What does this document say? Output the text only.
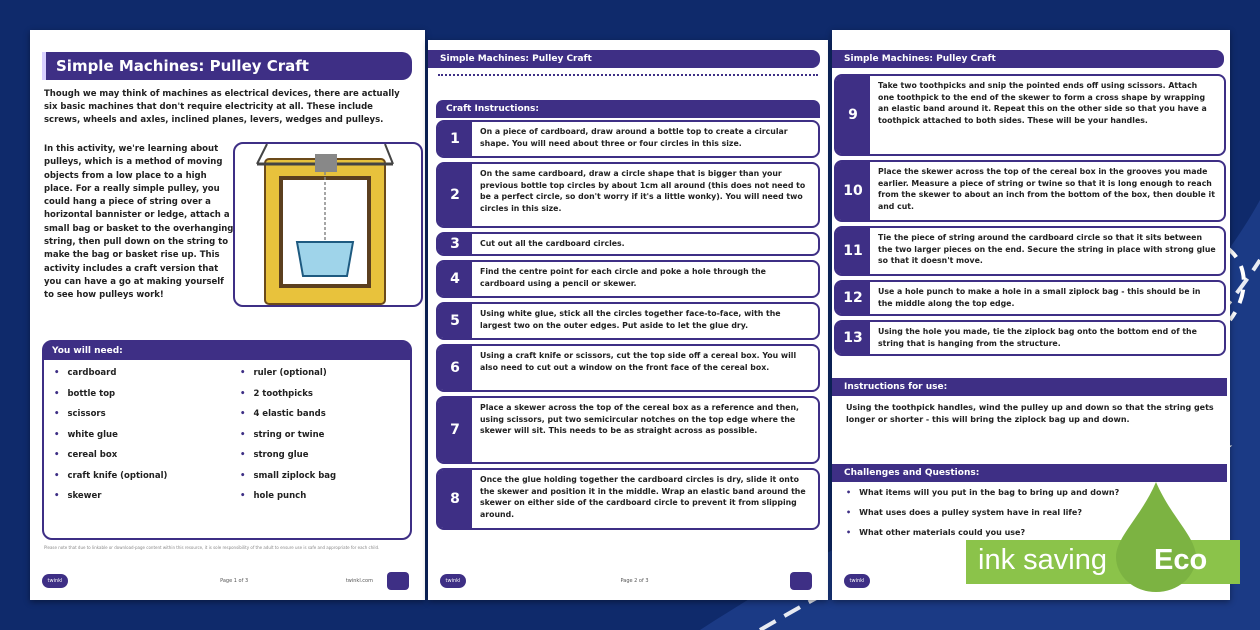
Simple Machines: Pulley Craft

Though we may think of machines as electrical devices, there are actually six basic machines that don't require electricity at all. These include screws, wheels and axles, inclined planes, levers, wedges and pulleys.

In this activity, we're learning about pulleys, which is a method of moving objects from a low place to a high place. For a really simple pulley, you could hang a piece of string over a horizontal bannister or ledge, attach a small bag or basket to the overhanging string, then pull down on the string to make the bag or basket rise up. This activity includes a craft version that you can have a go at making yourself to see how pulleys work!

You will need:
• cardboard
• bottle top
• scissors
• white glue
• cereal box
• craft knife (optional)
• skewer
• ruler (optional)
• 2 toothpicks
• 4 elastic bands
• string or twine
• strong glue
• small ziplock bag
• hole punch

Please note that due to linkable or download-page content within this resource, it is sole responsibility of the adult to ensure use is safe and appropriate for each child.

twinkl	Page 1 of 3	twinkl.com
Simple Machines: Pulley Craft
Craft Instructions:
1	On a piece of cardboard, draw around a bottle top to create a circular shape. You will need about three or four circles in this size.
2
On the same cardboard, draw a circle shape that is bigger than your previous bottle top circles by about 1cm all around (this does not need to be a perfect circle, so don't worry if it's a little wonky). You will need two circles in this size.
3	Cut out all the cardboard circles.
4	Find the centre point for each circle and poke a hole through the cardboard using a pencil or skewer.
5	Using white glue, stick all the circles together face-to-face, with the largest two on the outer edges. Put aside to let the glue dry.
6
Using a craft knife or scissors, cut the top side off a cereal box. You will also need to cut out a window on the front face of the cereal box.
7
Place a skewer across the top of the cereal box as a reference and then, using scissors, put two semicircular notches on the top edge where the skewer will sit. This needs to be as straight across as possible.
8
Once the glue holding together the cardboard circles is dry, slide it onto the skewer and position it in the middle. Wrap an elastic band around the skewer on either side of the cardboard circle to prevent it from slipping around.
twinkl	Page 2 of 3
Simple Machines: Pulley Craft
9
Take two toothpicks and snip the pointed ends off using scissors. Attach one toothpick to the end of the skewer to form a cross shape by wrapping an elastic band around it. Repeat this on the other side so that you have a toothpick attached to both sides. These will be your handles.
10
Place the skewer across the top of the cereal box in the grooves you made earlier. Measure a piece of string or twine so that it is long enough to reach from the skewer to about an inch from the bottom of the box, then double it and cut.
11
Tie the piece of string around the cardboard circle so that it sits between the two larger pieces on the end. Secure the string in place with strong glue so that it doesn't move.
12	Use a hole punch to make a hole in a small ziplock bag - this should be in the middle along the top edge.
13	Using the hole you made, tie the ziplock bag onto the bottom end of the string that is hanging from the structure.
Instructions for use:

Using the toothpick handles, wind the pulley up and down so that the string gets longer or shorter - this will bring the ziplock bag up and down.

Challenges and Questions:
• What items will you put in the bag to bring up and down?
• What uses does a pulley system have in real life?
• What other materials could you use?
twinkl
ink saving Eco
